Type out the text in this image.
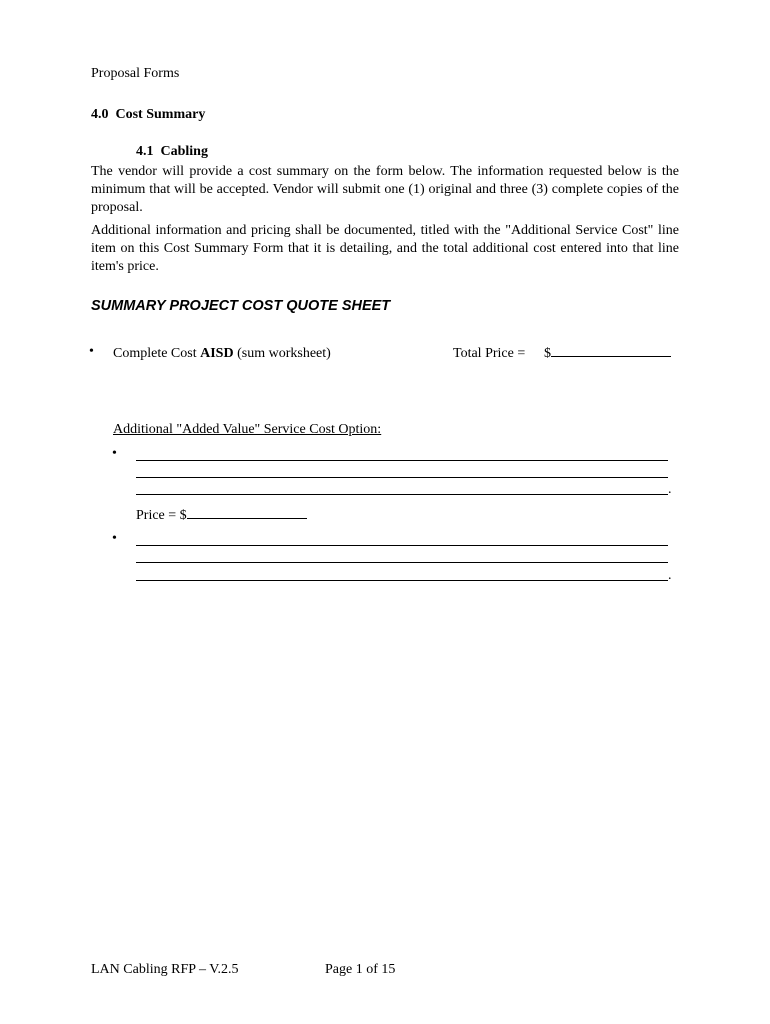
Proposal Forms
4.0 Cost Summary
4.1 Cabling
The vendor will provide a cost summary on the form below. The information requested below is the minimum that will be accepted. Vendor will submit one (1) original and three (3) complete copies of the proposal.
Additional information and pricing shall be documented, titled with the "Additional Service Cost" line item on this Cost Summary Form that it is detailing, and the total additional cost entered into that line item's price.
SUMMARY PROJECT COST QUOTE SHEET
• Complete Cost AISD (sum worksheet)	Total Price = $
Additional "Added Value" Service Cost Option:
•
.
Price = $
•
.
LAN Cabling RFP – V.2.5	Page 1 of 15
